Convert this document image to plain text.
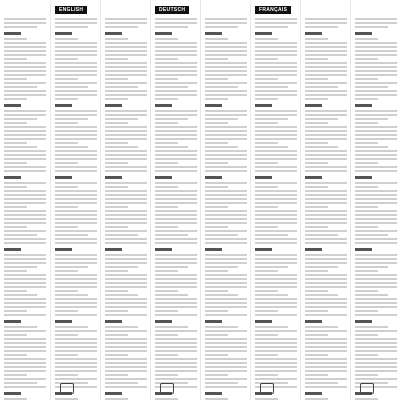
ENGLISH	DEUTSCH	FRANÇAIS
